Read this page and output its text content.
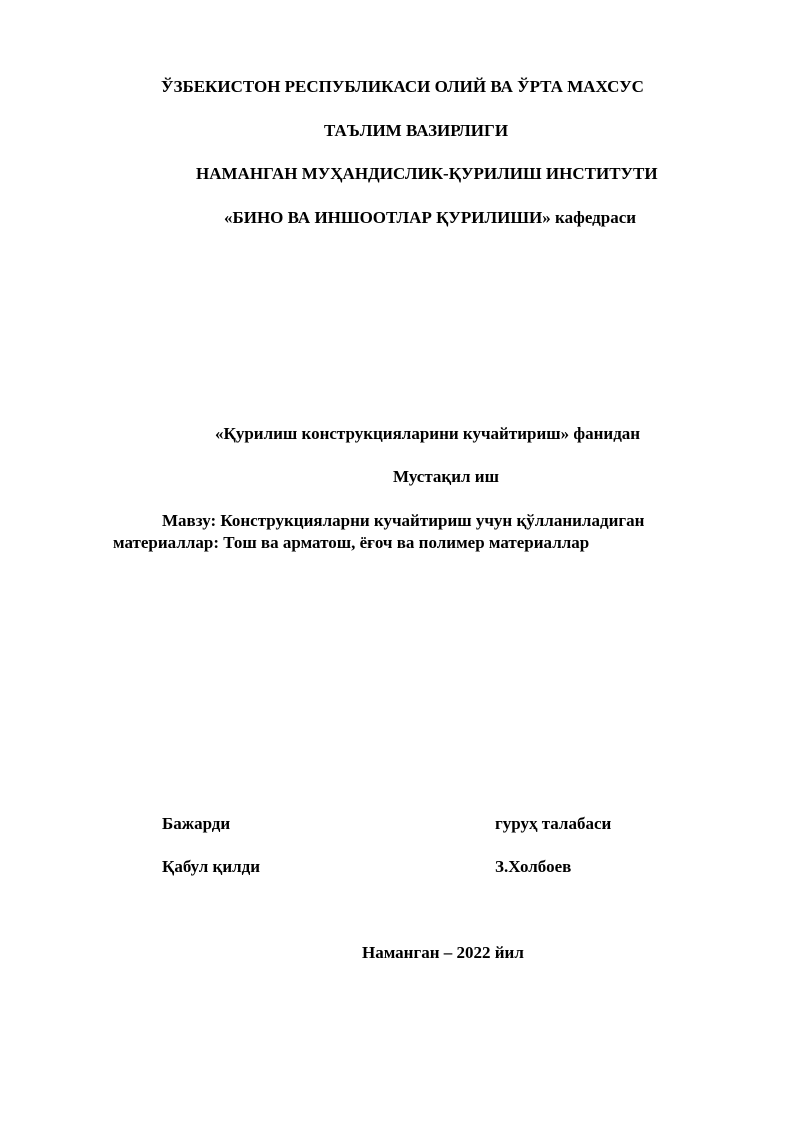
ЎЗБЕКИСТОН РЕСПУБЛИКАСИ ОЛИЙ ВА ЎРТА МАХСУС
ТАЪЛИМ ВАЗИРЛИГИ
НАМАНГАН МУҲАНДИСЛИК-ҚУРИЛИШ ИНСТИТУТИ
«БИНО ВА ИНШООТЛАР ҚУРИЛИШИ» кафедраси
«Қурилиш конструкцияларини кучайтириш» фанидан
Мустақил иш
Мавзу: Конструкцияларни кучайтириш учун қўлланиладиган
материаллар: Тош ва арматош, ёғоч ва полимер материаллар
Бажарди	гуруҳ талабаси
Қабул қилди	З.Холбоев
Наманган – 2022 йил
